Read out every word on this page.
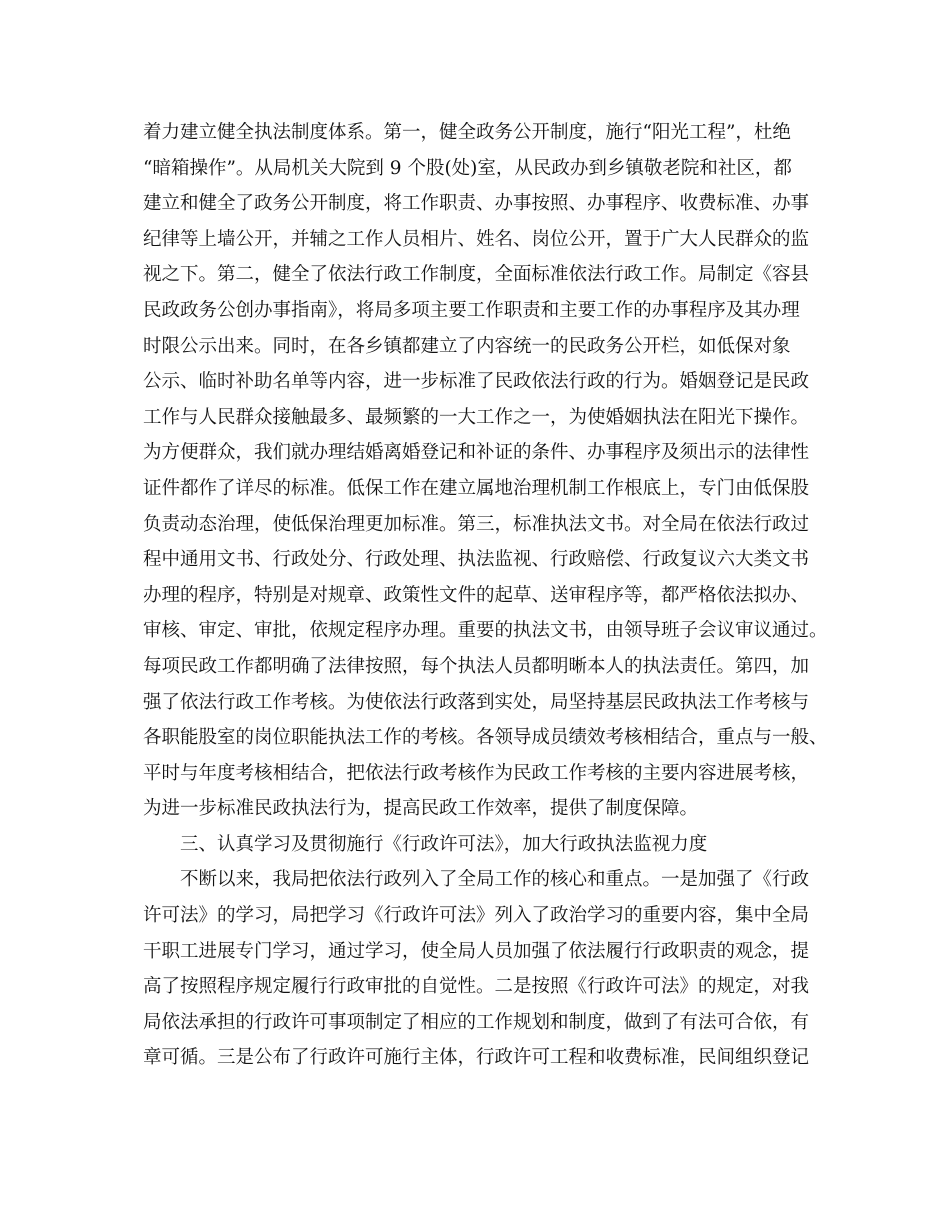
着力建立健全执法制度体系。第一，健全政务公开制度，施行“阳光工程”，杜绝
“暗箱操作”。从局机关大院到 9 个股(处)室，从民政办到乡镇敬老院和社区，都
建立和健全了政务公开制度，将工作职责、办事按照、办事程序、收费标准、办事
纪律等上墙公开，并辅之工作人员相片、姓名、岗位公开，置于广大人民群众的监
视之下。第二，健全了依法行政工作制度，全面标准依法行政工作。局制定《容县
民政政务公创办事指南》，将局多项主要工作职责和主要工作的办事程序及其办理
时限公示出来。同时，在各乡镇都建立了内容统一的民政务公开栏，如低保对象
公示、临时补助名单等内容，进一步标准了民政依法行政的行为。婚姻登记是民政
工作与人民群众接触最多、最频繁的一大工作之一，为使婚姻执法在阳光下操作。
为方便群众，我们就办理结婚离婚登记和补证的条件、办事程序及须出示的法律性
证件都作了详尽的标准。低保工作在建立属地治理机制工作根底上，专门由低保股
负责动态治理，使低保治理更加标准。第三，标准执法文书。对全局在依法行政过
程中通用文书、行政处分、行政处理、执法监视、行政赔偿、行政复议六大类文书
办理的程序，特别是对规章、政策性文件的起草、送审程序等，都严格依法拟办、
审核、审定、审批，依规定程序办理。重要的执法文书，由领导班子会议审议通过。
每项民政工作都明确了法律按照，每个执法人员都明晰本人的执法责任。第四，加
强了依法行政工作考核。为使依法行政落到实处，局坚持基层民政执法工作考核与
各职能股室的岗位职能执法工作的考核。各领导成员绩效考核相结合，重点与一般、
平时与年度考核相结合，把依法行政考核作为民政工作考核的主要内容进展考核，
为进一步标准民政执法行为，提高民政工作效率，提供了制度保障。
三、认真学习及贯彻施行《行政许可法》，加大行政执法监视力度
不断以来，我局把依法行政列入了全局工作的核心和重点。一是加强了《行政
许可法》的学习，局把学习《行政许可法》列入了政治学习的重要内容，集中全局
干职工进展专门学习，通过学习，使全局人员加强了依法履行行政职责的观念，提
高了按照程序规定履行行政审批的自觉性。二是按照《行政许可法》的规定，对我
局依法承担的行政许可事项制定了相应的工作规划和制度，做到了有法可合依，有
章可循。三是公布了行政许可施行主体，行政许可工程和收费标准，民间组织登记
